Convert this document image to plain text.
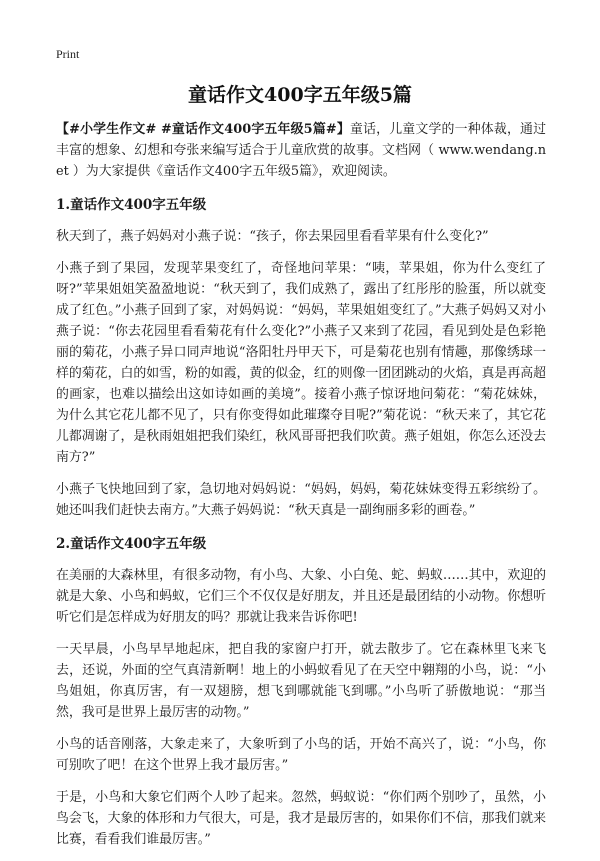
Print
童话作文400字五年级5篇

【#小学生作文# #童话作文400字五年级5篇#】童话，儿童文学的一种体裁，通过丰富的想象、幻想和夸张来编写适合于儿童欣赏的故事。文档网（ www.wendang.net ）为大家提供《童话作文400字五年级5篇》，欢迎阅读。

1.童话作文400字五年级

秋天到了，燕子妈妈对小燕子说：“孩子，你去果园里看看苹果有什么变化?”

小燕子到了果园，发现苹果变红了，奇怪地问苹果：“咦，苹果姐，你为什么变红了呀?”苹果姐姐笑盈盈地说：“秋天到了，我们成熟了，露出了红彤彤的脸蛋，所以就变成了红色。”小燕子回到了家，对妈妈说：“妈妈，苹果姐姐变红了。”大燕子妈妈又对小燕子说：“你去花园里看看菊花有什么变化?”小燕子又来到了花园，看见到处是色彩艳丽的菊花，小燕子异口同声地说“洛阳牡丹甲天下，可是菊花也别有情趣，那像绣球一样的菊花，白的如雪，粉的如霞，黄的似金，红的则像一团团跳动的火焰，真是再高超的画家，也难以描绘出这如诗如画的美境”。接着小燕子惊讶地问菊花：“菊花妹妹，为什么其它花儿都不见了，只有你变得如此璀璨夺目呢?”菊花说：“秋天来了，其它花儿都凋谢了，是秋雨姐姐把我们染红，秋风哥哥把我们吹黄。燕子姐姐，你怎么还没去南方?”

小燕子飞快地回到了家，急切地对妈妈说：“妈妈，妈妈，菊花妹妹变得五彩缤纷了。她还叫我们赶快去南方。”大燕子妈妈说：“秋天真是一副绚丽多彩的画卷。”

2.童话作文400字五年级

在美丽的大森林里，有很多动物，有小鸟、大象、小白兔、蛇、蚂蚁……其中，欢迎的就是大象、小鸟和蚂蚁，它们三个不仅仅是好朋友，并且还是最团结的小动物。你想听听它们是怎样成为好朋友的吗？那就让我来告诉你吧!

一天早晨，小鸟早早地起床，把自我的家窗户打开，就去散步了。它在森林里飞来飞去，还说，外面的空气真清新啊！地上的小蚂蚁看见了在天空中翱翔的小鸟，说：“小鸟姐姐，你真厉害，有一双翅膀，想飞到哪就能飞到哪。”小鸟听了骄傲地说：“那当然，我可是世界上最厉害的动物。”

小鸟的话音刚落，大象走来了，大象听到了小鸟的话，开始不高兴了，说：“小鸟，你可别吹了吧！在这个世界上我才最厉害。”

于是，小鸟和大象它们两个人吵了起来。忽然，蚂蚁说：“你们两个别吵了，虽然，小鸟会飞，大象的体形和力气很大，可是，我才是最厉害的，如果你们不信，那我们就来比赛，看看我们谁最厉害。”
